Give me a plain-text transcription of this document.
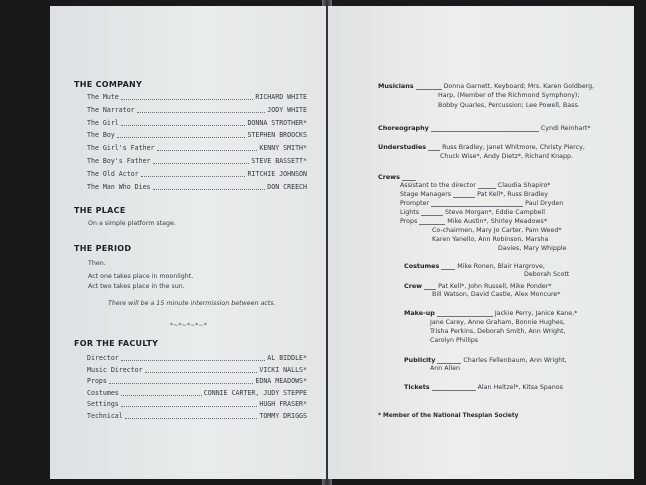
THE COMPANY
The Mute	RICHARD WHITE
The Narrator	JODY WHITE
The Girl	DONNA STROTHER*
The Boy	STEPHEN BROOCKS
The Girl's Father	KENNY SMITH*
The Boy's Father	STEVE BASSETT*
The Old Actor	RITCHIE JOHNSON
The Man Who Dies	DON CREECH
THE PLACE
On a simple platform stage.
THE PERIOD
Then.
Act one takes place in moonlight.
Act two takes place in the sun.
There will be a 15 minute intermission between acts.
*~*~*~*~*
FOR THE FACULTY
Director	AL BIDDLE*
Music Director	VICKI NALLS*
Props	EDNA MEADOWS*
Costumes	CONNIE CARTER, JUDY STEPPE
Settings	HUGH FRASER*
Technical	TOMMY DRIGGS
Musicians	Donna Garnett, Keyboard; Mrs. Karen Goldberg,
Harp, (Member of the Richmond Symphony);
Bobby Quarles, Percussion; Lee Powell, Bass.
Choreography	Cyndi Reinhart*
Understudies	Russ Bradley, Janet Whitmore, Christy Piercy,
Chuck Wise*, Andy Dietz*, Richard Knapp.
Crews
Assistant to the director	Claudia Shapiro*
Stage Managers	Pat Kell*, Russ Bradley
Prompter	Paul Dryden
Lights	Steve Morgan*, Eddie Campbell
Props	Mike Austin*, Shirley Meadows*
Co-chairmen, Mary Jo Carter, Pam Weed*
Karen Yanello, Ann Robinson, Marsha
Davies, Mary Whipple
Costumes	Mike Ronen, Blair Hargrove,
Deborah Scott
Crew	Pat Kell*, John Russell, Mike Ponder*
Bill Watson, David Castle, Alex Moncure*
Make-up	Jackie Perry, Janice Kane,*
Jane Carey, Anne Graham, Bonnie Hughes,
Trisha Perkins, Deborah Smith, Ann Wright,
Carolyn Phillips
Publicity	Charles Fellenbaum, Ann Wright,
Ann Allen
Tickets	Alan Heltzel*, Kitsa Spanos
* Member of the National Thespian Society
